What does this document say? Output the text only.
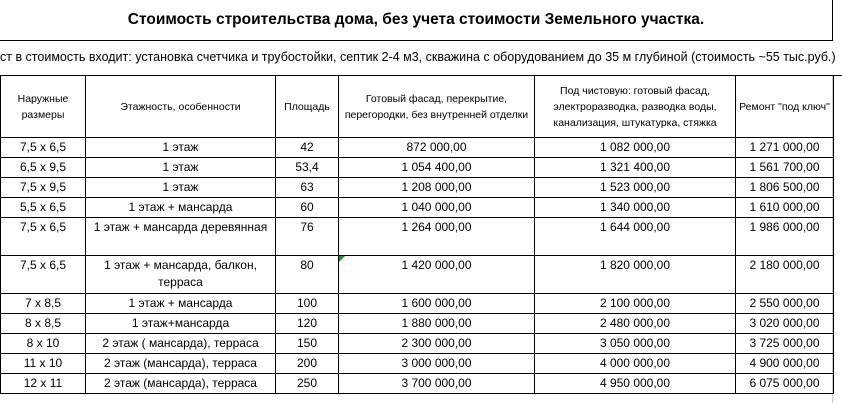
Стоимость строительства дома, без учета стоимости Земельного участка.
ст в стоимость входит: установка счетчика и трубостойки, септик 2-4 м3, скважина с оборудованием до 35 м глубиной (стоимость ~55 тыс.руб.)
Наружные размеры	Этажность, особенности	Площадь	Готовый фасад, перекрытие, перегородки, без внутренней отделки	Под чистовую: готовый фасад, электроразводка, разводка воды, канализация, штукатурка, стяжка	Ремонт "под ключ"
7,5 x 6,5	1 этаж	42	872 000,00	1 082 000,00	1 271 000,00
6,5 x 9,5	1 этаж	53,4	1 054 400,00	1 321 400,00	1 561 700,00
7,5 x 9,5	1 этаж	63	1 208 000,00	1 523 000,00	1 806 500,00
5,5 x 6,5	1 этаж + мансарда	60	1 040 000,00	1 340 000,00	1 610 000,00
7,5 x 6,5	1 этаж + мансарда деревянная	76	1 264 000,00	1 644 000,00	1 986 000,00
7,5 x 6,5	1 этаж + мансарда, балкон, терраса	80	1 420 000,00	1 820 000,00	2 180 000,00
7 x 8,5	1 этаж + мансарда	100	1 600 000,00	2 100 000,00	2 550 000,00
8 x 8,5	1 этаж+мансарда	120	1 880 000,00	2 480 000,00	3 020 000,00
8 x 10	2 этаж ( мансарда), терраса	150	2 300 000,00	3 050 000,00	3 725 000,00
11 x 10	2 этаж (мансарда), терраса	200	3 000 000,00	4 000 000,00	4 900 000,00
12 x 11	2 этаж (мансарда), терраса	250	3 700 000,00	4 950 000,00	6 075 000,00
